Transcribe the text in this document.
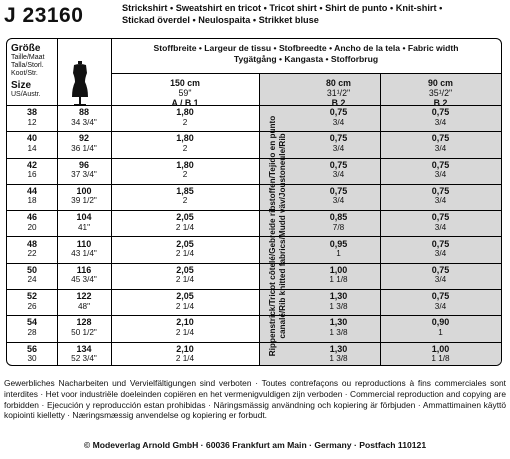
J 23160	Strickshirt • Sweatshirt en tricot • Tricot shirt • Shirt de punto • Knit-shirt •
Stickad överdel • Neulospaita • Strikket bluse
Größe
Taille/Maat
Talla/Storl.
Koot/Str.
Size
US/Austr.
Stoffbreite • Largeur de tissu • Stofbreedte • Ancho de la tela • Fabric width
Tygätgång • Kangasta • Stofforbrug
150 cm
59"
A / B 1
80 cm
31¹/2"
B 2
90 cm
35¹/2"
B 2
38
12
88
34 3/4"
1,80
2
0,75
3/4
0,75
3/4
40
14
92
36 1/4"
1,80
2
0,75
3/4
0,75
3/4
42
16
96
37 3/4"
1,80
2
0,75
3/4
0,75
3/4
44
18
100
39 1/2"
1,85
2
0,75
3/4
0,75
3/4
46
20
104
41"
2,05
2 1/4
0,85
7/8
0,75
3/4
48
22
110
43 1/4"
2,05
2 1/4
0,95
1
0,75
3/4
50
24
116
45 3/4"
2,05
2 1/4
1,00
1 1/8
0,75
3/4
52
26
122
48"
2,05
2 1/4
1,30
1 3/8
0,75
3/4
54
28
128
50 1/2"
2,10
2 1/4
1,30
1 3/8
0,90
1
56
30
134
52 3/4"
2,10
2 1/4
1,30
1 3/8
1,00
1 1/8
Gewerbliches Nacharbeiten und Vervielfältigungen sind verboten · Toutes contrefaçons ou reproductions à fins commerciales sont interdites · Het voor industriële doeleinden copiëren en het vermenigvuldigen zijn verboden · Commercial reproduction and copying are forbidden · Ejecución y reproducción estan prohibidas · Näringsmässig användning och kopiering är förbjuden · Ammattimainen käyttö kopiointi kielletty · Næringsmæssig anvendelse og kopiering er forbudt.
© Modeverlag Arnold GmbH · 60036 Frankfurt am Main · Germany · Postfach 110121
